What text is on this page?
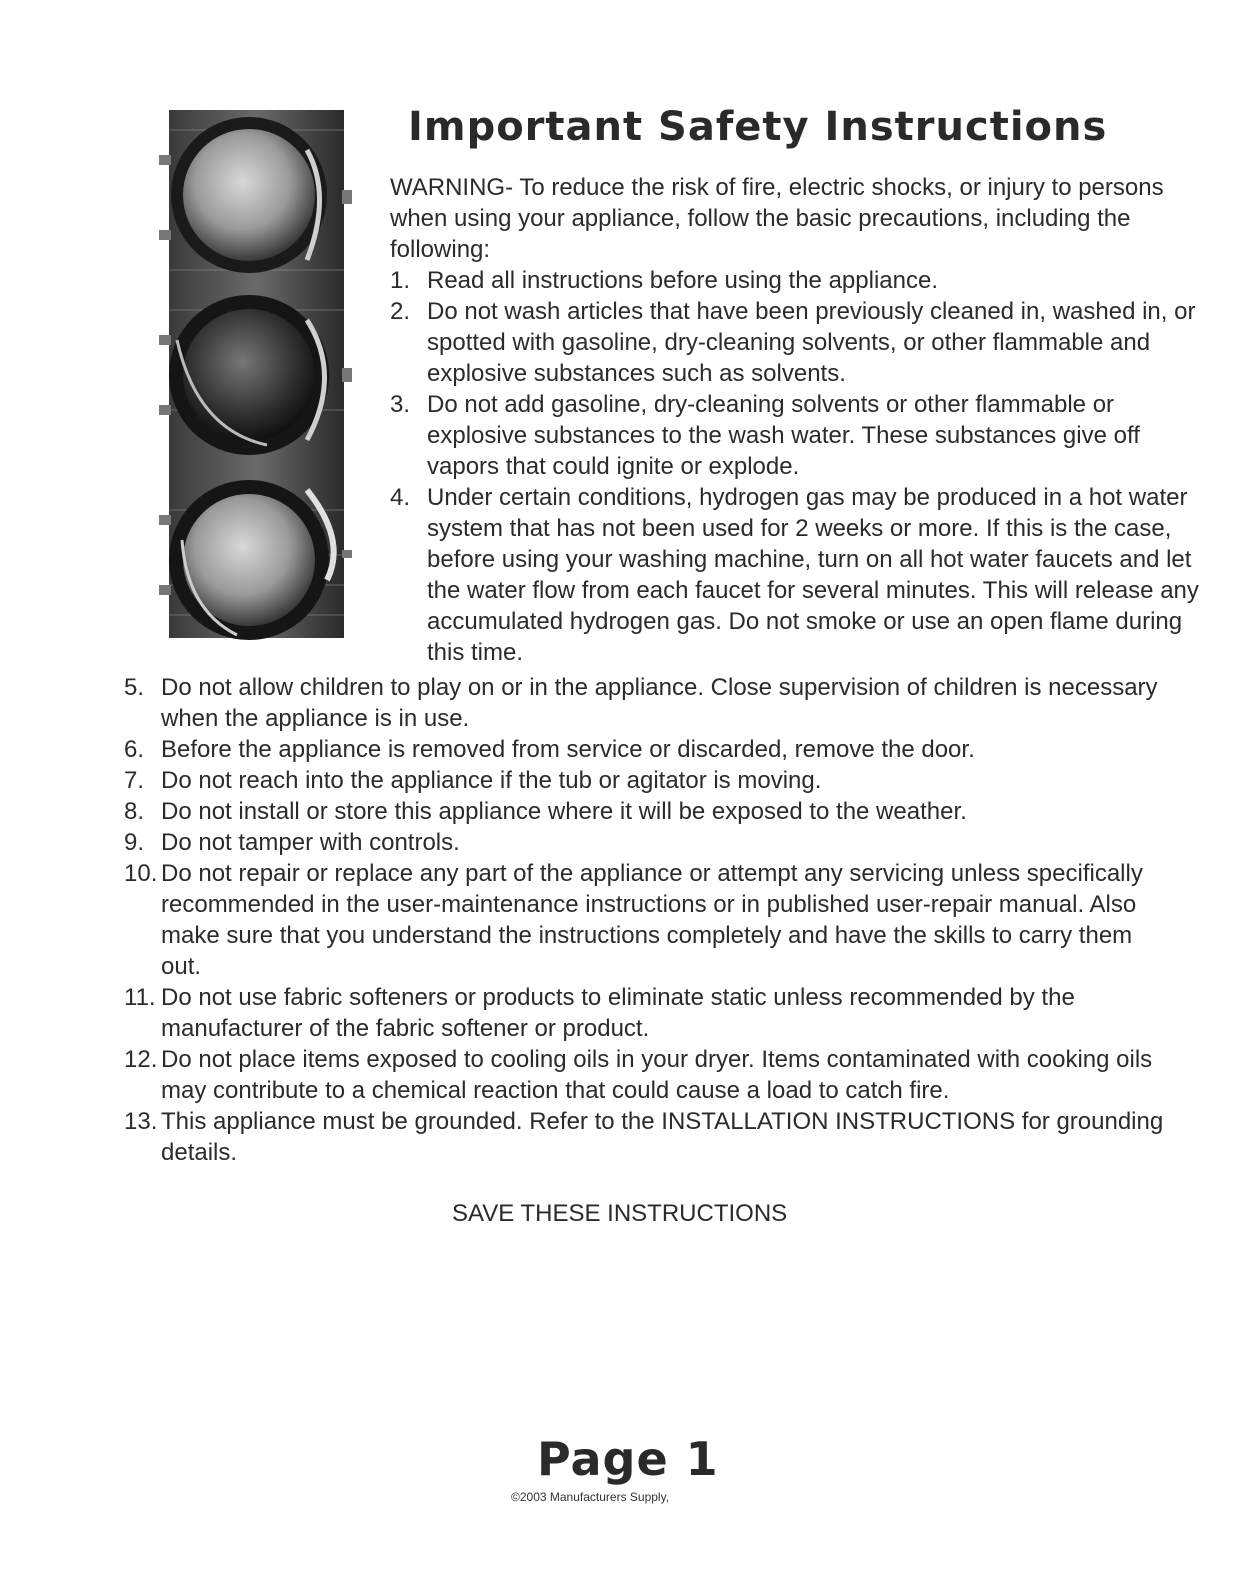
Important Safety Instructions

WARNING- To reduce the risk of fire, electric shocks, or injury to persons when using your appliance, follow the basic precautions, including the following:

1. Read all instructions before using the appliance.
2. Do not wash articles that have been previously cleaned in, washed in, or spotted with gasoline, dry-cleaning solvents, or other flammable and explosive substances such as solvents.
3. Do not add gasoline, dry-cleaning solvents or other flammable or explosive substances to the wash water. These substances give off vapors that could ignite or explode.
4. Under certain conditions, hydrogen gas may be produced in a hot water system that has not been used for 2 weeks or more. If this is the case, before using your washing machine, turn on all hot water faucets and let the water flow from each faucet for several minutes. This will release any accumulated hydrogen gas. Do not smoke or use an open flame during this time.
5. Do not allow children to play on or in the appliance. Close supervision of children is necessary when the appliance is in use.
6. Before the appliance is removed from service or discarded, remove the door.
7. Do not reach into the appliance if the tub or agitator is moving.
8. Do not install or store this appliance where it will be exposed to the weather.
9. Do not tamper with controls.
10. Do not repair or replace any part of the appliance or attempt any servicing unless specifically recommended in the user-maintenance instructions or in published user-repair manual. Also make sure that you understand the instructions completely and have the skills to carry them out.
11. Do not use fabric softeners or products to eliminate static unless recommended by the manufacturer of the fabric softener or product.
12. Do not place items exposed to cooling oils in your dryer. Items contaminated with cooking oils may contribute to a chemical reaction that could cause a load to catch fire.
13. This appliance must be grounded. Refer to the INSTALLATION INSTRUCTIONS for grounding details.
SAVE THESE INSTRUCTIONS
Page 1
©2003 Manufacturers Supply,
